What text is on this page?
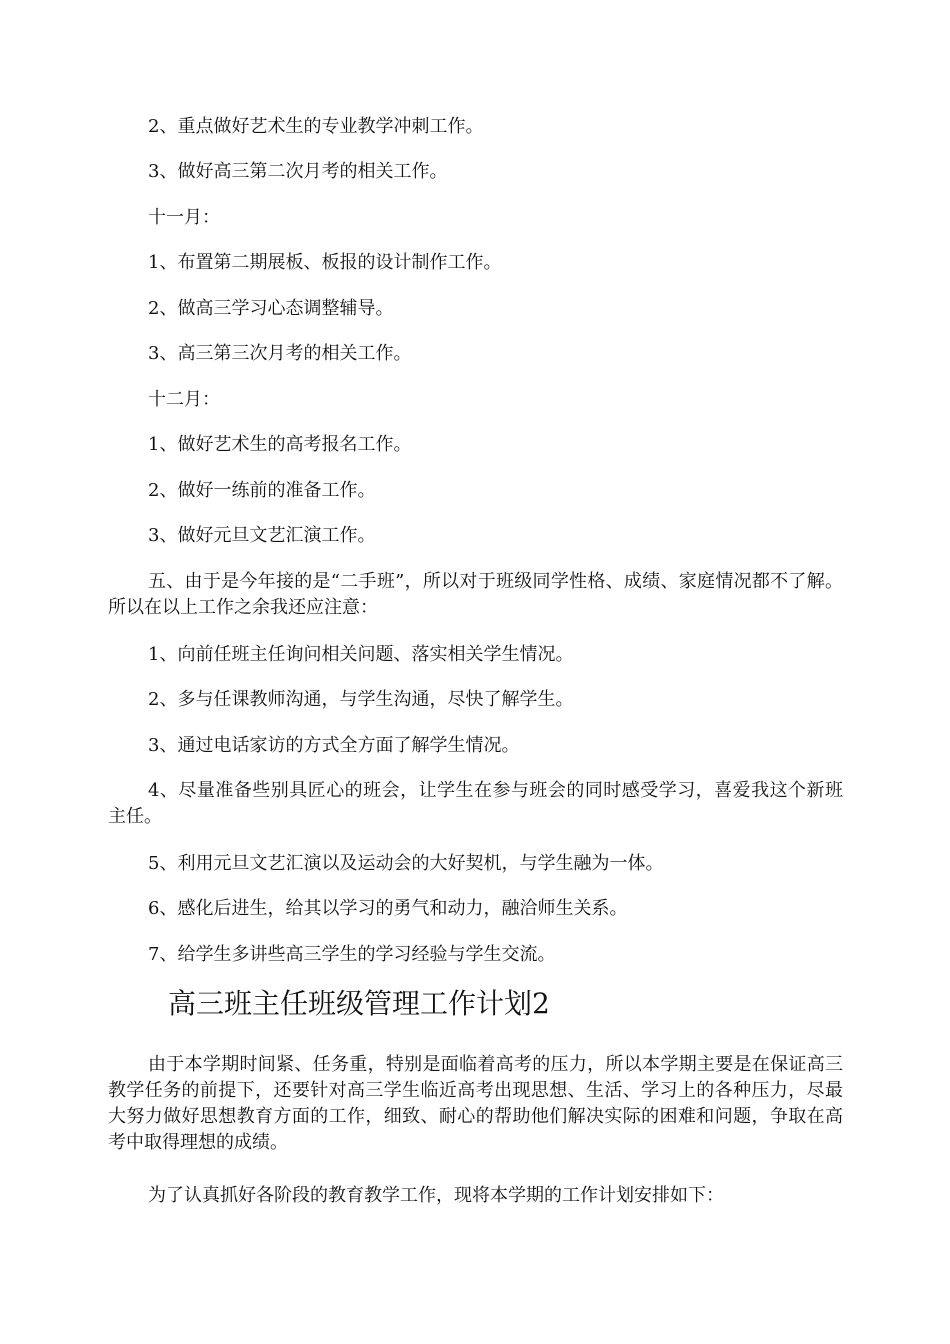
2、重点做好艺术生的专业教学冲刺工作。

3、做好高三第二次月考的相关工作。

十一月：

1、布置第二期展板、板报的设计制作工作。

2、做高三学习心态调整辅导。

3、高三第三次月考的相关工作。

十二月：

1、做好艺术生的高考报名工作。

2、做好一练前的准备工作。

3、做好元旦文艺汇演工作。

五、由于是今年接的是“二手班”，所以对于班级同学性格、成绩、家庭情况都不了解。所以在以上工作之余我还应注意：

1、向前任班主任询问相关问题、落实相关学生情况。

2、多与任课教师沟通，与学生沟通，尽快了解学生。

3、通过电话家访的方式全方面了解学生情况。

4、尽量准备些别具匠心的班会，让学生在参与班会的同时感受学习，喜爱我这个新班主任。

5、利用元旦文艺汇演以及运动会的大好契机，与学生融为一体。

6、感化后进生，给其以学习的勇气和动力，融洽师生关系。

7、给学生多讲些高三学生的学习经验与学生交流。

高三班主任班级管理工作计划2

由于本学期时间紧、任务重，特别是面临着高考的压力，所以本学期主要是在保证高三教学任务的前提下，还要针对高三学生临近高考出现思想、生活、学习上的各种压力，尽最大努力做好思想教育方面的工作，细致、耐心的帮助他们解决实际的困难和问题，争取在高考中取得理想的成绩。

为了认真抓好各阶段的教育教学工作，现将本学期的工作计划安排如下：
